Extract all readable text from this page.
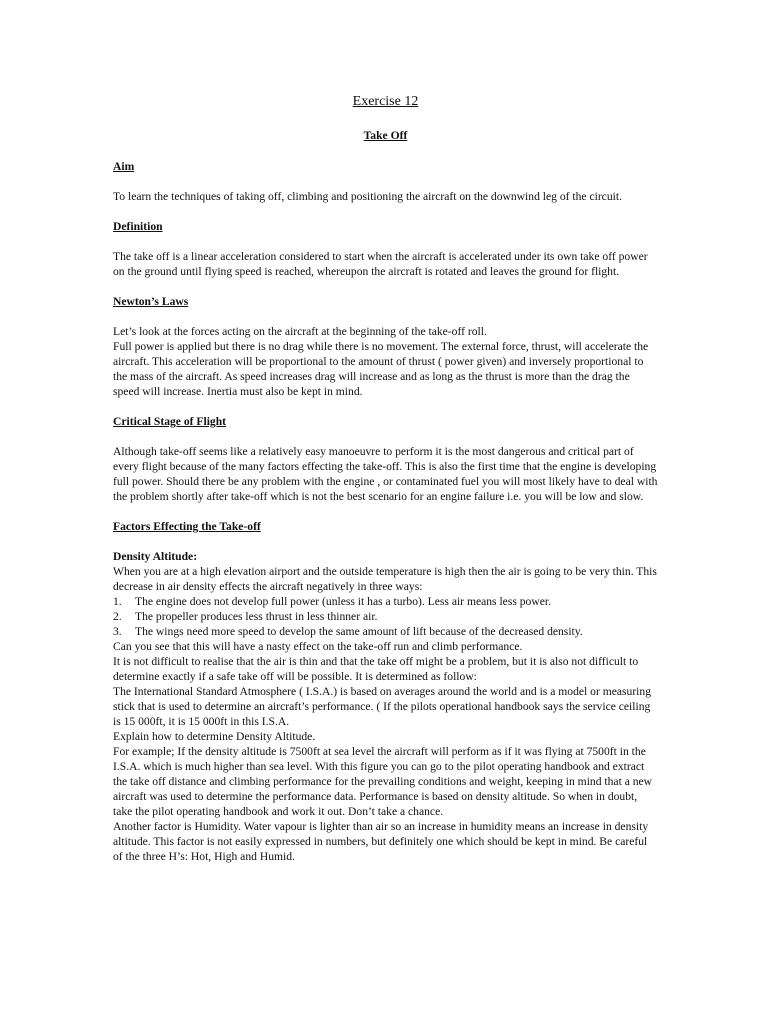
Exercise 12
Take Off
Aim

To learn the techniques of taking off, climbing and positioning the aircraft on the downwind leg of the circuit.

Definition

The take off is a linear acceleration considered to start when the aircraft is accelerated under its own take off power on the ground until flying speed is reached, whereupon the aircraft is rotated and leaves the ground for flight.

Newton’s Laws

Let’s look at the forces acting on the aircraft at the beginning of the take-off roll.

Full power is applied but there is no drag while there is no movement. The external force, thrust, will accelerate the aircraft. This acceleration will be proportional to the amount of thrust ( power given) and inversely proportional to the mass of the aircraft. As speed increases drag will increase and as long as the thrust is more than the drag the speed will increase. Inertia must also be kept in mind.

Critical Stage of Flight

Although take-off seems like a relatively easy manoeuvre to perform it is the most dangerous and critical part of every flight because of the many factors effecting the take-off. This is also the first time that the engine is developing full power. Should there be any problem with the engine , or contaminated fuel you will most likely have to deal with the problem shortly after take-off which is not the best scenario for an engine failure i.e. you will be low and slow.

Factors Effecting the Take-off

Density Altitude:

When you are at a high elevation airport and the outside temperature is high then the air is going to be very thin. This decrease in air density effects the aircraft negatively in three ways:

1. The engine does not develop full power (unless it has a turbo). Less air means less power.
2. The propeller produces less thrust in less thinner air.
3. The wings need more speed to develop the same amount of lift because of the decreased density.

Can you see that this will have a nasty effect on the take-off run and climb performance.

It is not difficult to realise that the air is thin and that the take off might be a problem, but it is also not difficult to determine exactly if a safe take off will be possible. It is determined as follow:

The International Standard Atmosphere ( I.S.A.) is based on averages around the world and is a model or measuring stick that is used to determine an aircraft’s performance. ( If the pilots operational handbook says the service ceiling is 15 000ft, it is 15 000ft in this I.S.A.

Explain how to determine Density Altitude.

For example; If the density altitude is 7500ft at sea level the aircraft will perform as if it was flying at 7500ft in the I.S.A. which is much higher than sea level. With this figure you can go to the pilot operating handbook and extract the take off distance and climbing performance for the prevailing conditions and weight, keeping in mind that a new aircraft was used to determine the performance data. Performance is based on density altitude. So when in doubt, take the pilot operating handbook and work it out. Don’t take a chance.

Another factor is Humidity. Water vapour is lighter than air so an increase in humidity means an increase in density altitude. This factor is not easily expressed in numbers, but definitely one which should be kept in mind. Be careful of the three H’s: Hot, High and Humid.
